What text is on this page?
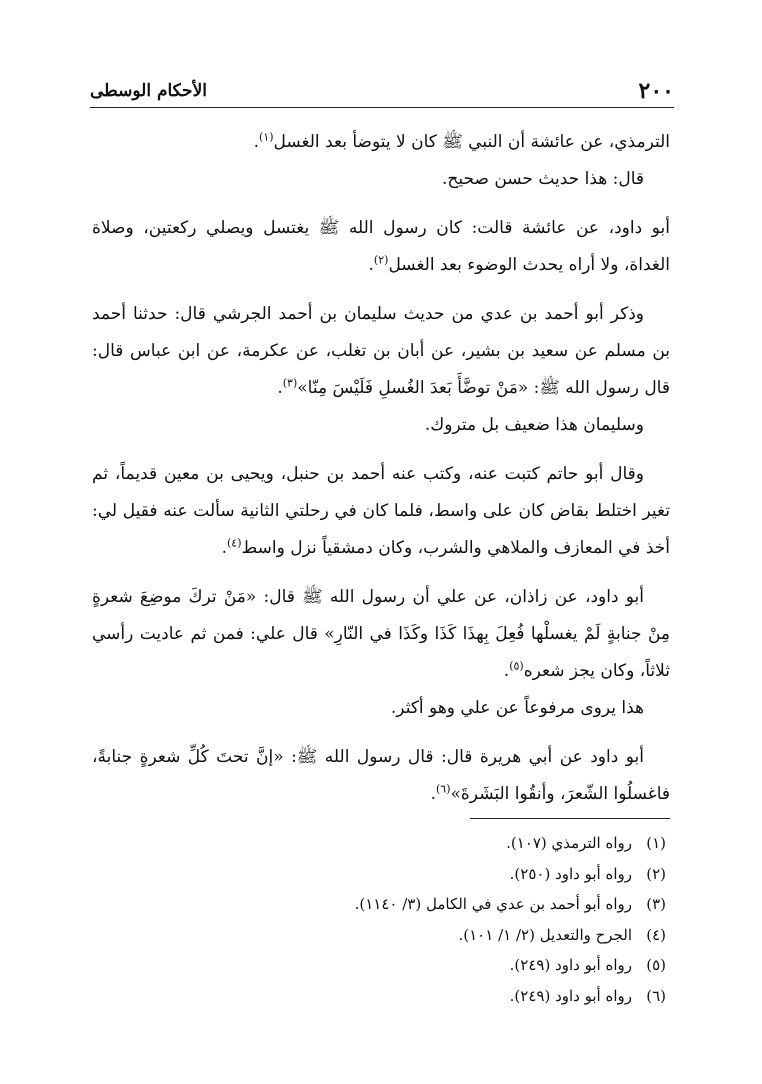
٢٠٠
الأحكام الوسطى

الترمذي، عن عائشة أن النبي ﷺ كان لا يتوضأ بعد الغسل$^{(١)}$.

قال: هذا حديث حسن صحيح.

أبو داود، عن عائشة قالت: كان رسول الله ﷺ يغتسل ويصلي ركعتين، وصلاة الغداة، ولا أراه يحدث الوضوء بعد الغسل$^{(٢)}$.

وذكر أبو أحمد بن عدي من حديث سليمان بن أحمد الجرشي قال: حدثنا أحمد بن مسلم عن سعيد بن بشير، عن أبان بن تغلب، عن عكرمة، عن ابن عباس قال: قال رسول الله ﷺ: «مَنْ توضَّأَ بَعدَ الغُسلِ فَلَيْسَ مِنّا»$^{(٣)}$.

وسليمان هذا ضعيف بل متروك.

وقال أبو حاتم كتبت عنه، وكتب عنه أحمد بن حنبل، ويحيى بن معين قديماً، ثم تغير اختلط بقاض كان على واسط، فلما كان في رحلتي الثانية سألت عنه فقيل لي: أخذ في المعازف والملاهي والشرب، وكان دمشقياً نزل واسط$^{(٤)}$.

أبو داود، عن زاذان، عن علي أن رسول الله ﷺ قال: «مَنْ تركَ موضِعَ شعرةٍ مِنْ جنابةٍ لَمْ يغسلْها فُعِلَ بِهذَا كَذَا وكَذَا في النّارِ» قال علي: فمن ثم عاديت رأسي ثلاثاً، وكان يجز شعره$^{(٥)}$.

هذا يروى مرفوعاً عن علي وهو أكثر.

أبو داود عن أبي هريرة قال: قال رسول الله ﷺ: «إنَّ تحتَ كُلِّ شعرةٍ جنابةً، فاغسلُوا الشّعرَ، وأنقُوا البَشَرةَ»$^{(٦)}$.

(١)
رواه الترمذي (١٠٧).
(٢)
رواه أبو داود (٢٥٠).
(٣)
رواه أبو أحمد بن عدي في الكامل (٣/ ١١٤٠).
(٤)
الجرح والتعديل (٢/ ١/ ١٠١).
(٥)
رواه أبو داود (٢٤٩).
(٦)
رواه أبو داود (٢٤٩).
